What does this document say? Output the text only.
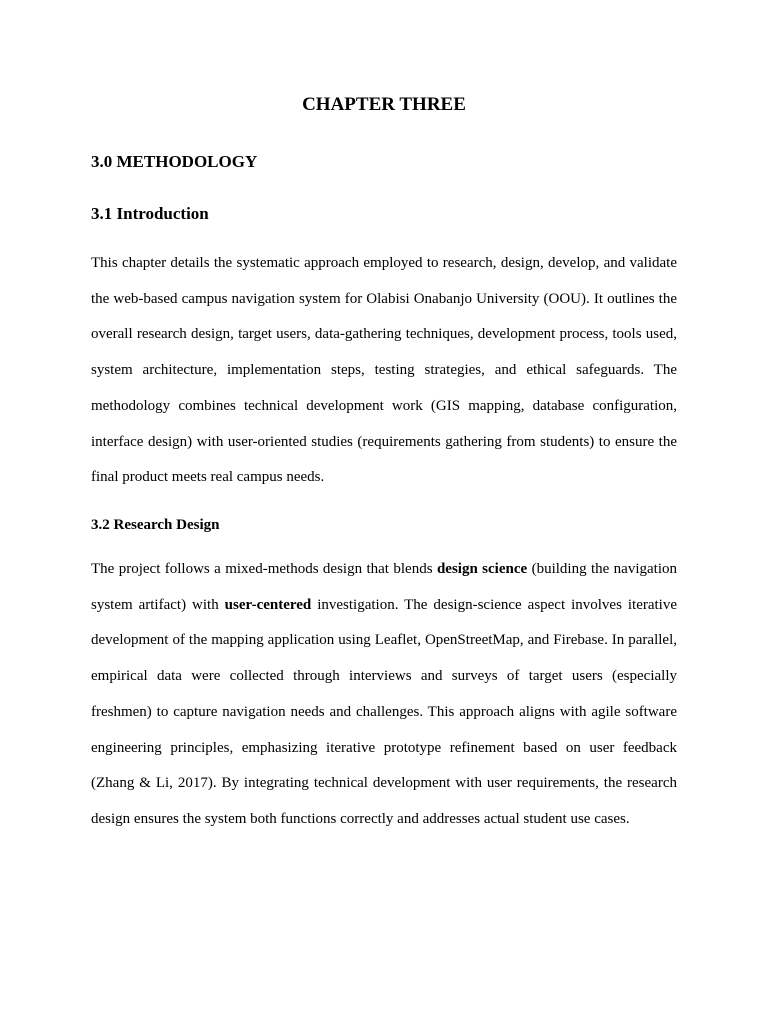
CHAPTER THREE
3.0 METHODOLOGY
3.1 Introduction

This chapter details the systematic approach employed to research, design, develop, and validate the web-based campus navigation system for Olabisi Onabanjo University (OOU). It outlines the overall research design, target users, data-gathering techniques, development process, tools used, system architecture, implementation steps, testing strategies, and ethical safeguards. The methodology combines technical development work (GIS mapping, database configuration, interface design) with user-oriented studies (requirements gathering from students) to ensure the final product meets real campus needs.

3.2 Research Design

The project follows a mixed-methods design that blends design science (building the navigation system artifact) with user-centered investigation. The design-science aspect involves iterative development of the mapping application using Leaflet, OpenStreetMap, and Firebase. In parallel, empirical data were collected through interviews and surveys of target users (especially freshmen) to capture navigation needs and challenges. This approach aligns with agile software engineering principles, emphasizing iterative prototype refinement based on user feedback (Zhang & Li, 2017). By integrating technical development with user requirements, the research design ensures the system both functions correctly and addresses actual student use cases.
